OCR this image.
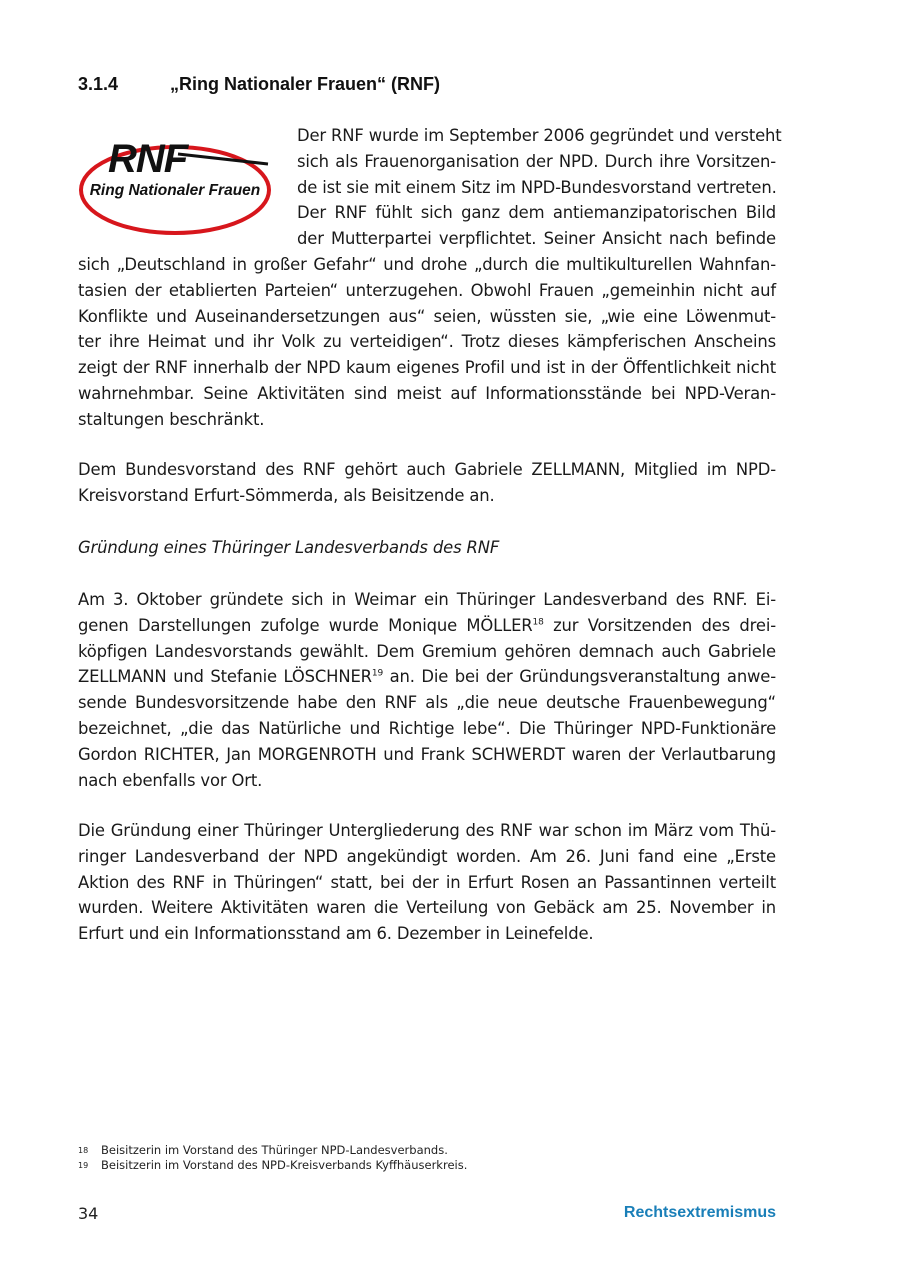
3.1.4	„Ring Nationaler Frauen“ (RNF)
RNF
Ring Nationaler Frauen
Der RNF wurde im September 2006 gegründet und versteht
sich als Frauenorganisation der NPD. Durch ihre Vorsitzen-
de ist sie mit einem Sitz im NPD-Bundesvorstand vertreten.
Der RNF fühlt sich ganz dem antiemanzipatorischen Bild
der Mutterpartei verpflichtet. Seiner Ansicht nach befinde
sich „Deutschland in großer Gefahr“ und drohe „durch die multikulturellen Wahnfan-
tasien der etablierten Parteien“ unterzugehen. Obwohl Frauen „gemeinhin nicht auf
Konflikte und Auseinandersetzungen aus“ seien, wüssten sie, „wie eine Löwenmut-
ter ihre Heimat und ihr Volk zu verteidigen“. Trotz dieses kämpferischen Anscheins
zeigt der RNF innerhalb der NPD kaum eigenes Profil und ist in der Öffentlichkeit nicht
wahrnehmbar. Seine Aktivitäten sind meist auf Informationsstände bei NPD-Veran-
staltungen beschränkt.
Dem Bundesvorstand des RNF gehört auch Gabriele ZELLMANN, Mitglied im NPD-
Kreisvorstand Erfurt-Sömmerda, als Beisitzende an.
Gründung eines Thüringer Landesverbands des RNF
Am 3. Oktober gründete sich in Weimar ein Thüringer Landesverband des RNF. Ei-
genen Darstellungen zufolge wurde Monique MÖLLER$^{18}$ zur Vorsitzenden des drei-
köpfigen Landesvorstands gewählt. Dem Gremium gehören demnach auch Gabriele
ZELLMANN und Stefanie LÖSCHNER$^{19}$ an. Die bei der Gründungsveranstaltung anwe-
sende Bundesvorsitzende habe den RNF als „die neue deutsche Frauenbewegung“
bezeichnet, „die das Natürliche und Richtige lebe“. Die Thüringer NPD-Funktionäre
Gordon RICHTER, Jan MORGENROTH und Frank SCHWERDT waren der Verlautbarung
nach ebenfalls vor Ort.
Die Gründung einer Thüringer Untergliederung des RNF war schon im März vom Thü-
ringer Landesverband der NPD angekündigt worden. Am 26. Juni fand eine „Erste
Aktion des RNF in Thüringen“ statt, bei der in Erfurt Rosen an Passantinnen verteilt
wurden. Weitere Aktivitäten waren die Verteilung von Gebäck am 25. November in
Erfurt und ein Informationsstand am 6. Dezember in Leinefelde.
18	Beisitzerin im Vorstand des Thüringer NPD-Landesverbands.
19	Beisitzerin im Vorstand des NPD-Kreisverbands Kyffhäuserkreis.
34	Rechtsextremismus
